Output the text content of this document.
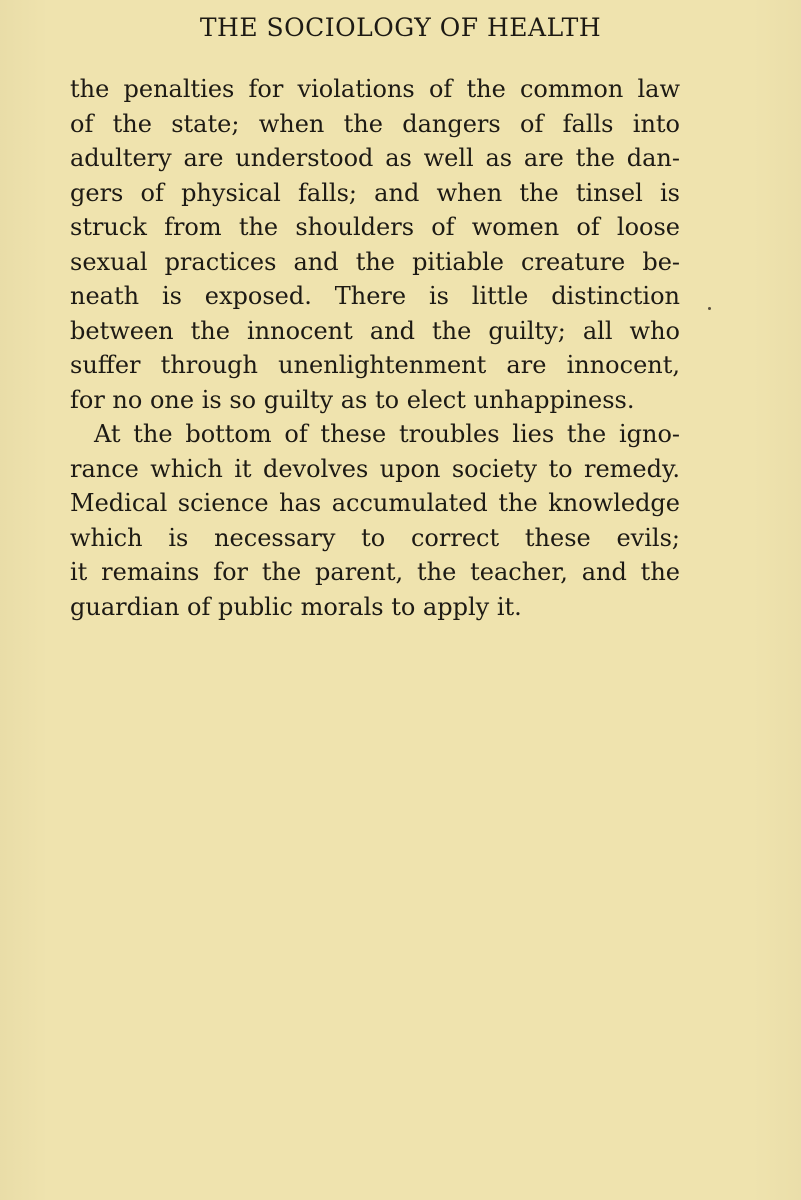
THE SOCIOLOGY OF HEALTH
the penalties for violations of the common law
of the state; when the dangers of falls into
adultery are understood as well as are the dan-
gers of physical falls; and when the tinsel is
struck from the shoulders of women of loose
sexual practices and the pitiable creature be-
neath is exposed. There is little distinction
between the innocent and the guilty; all who
suffer through unenlightenment are innocent,
for no one is so guilty as to elect unhappiness.
At the bottom of these troubles lies the igno-
rance which it devolves upon society to remedy.
Medical science has accumulated the knowledge
which is necessary to correct these evils;
it remains for the parent, the teacher, and the
guardian of public morals to apply it.
